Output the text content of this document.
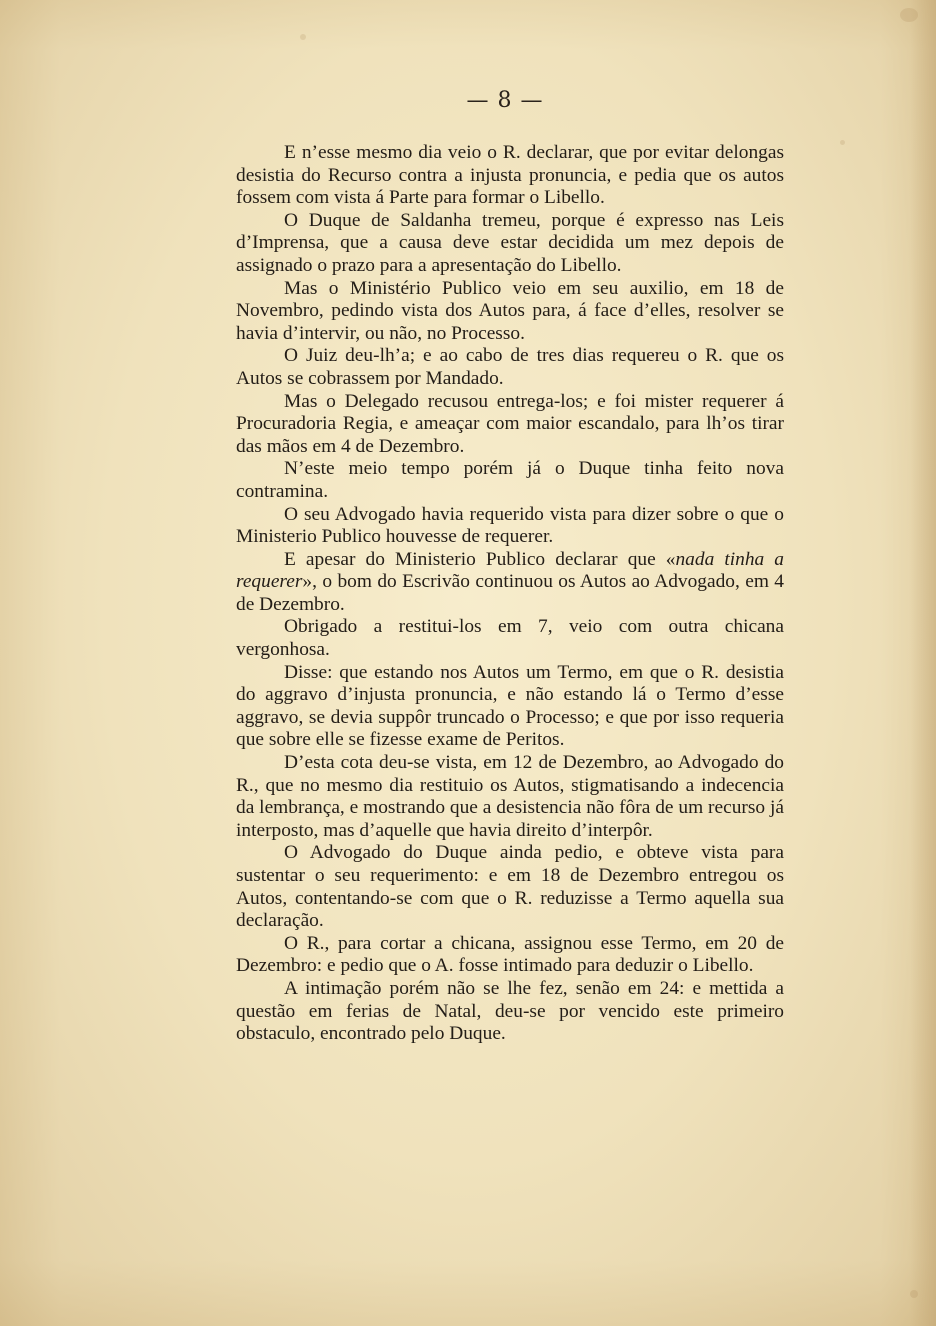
— 8 —

E n’esse mesmo dia veio o R. declarar, que por evitar delongas desistia do Recurso contra a injusta pronuncia, e pedia que os autos fossem com vista á Parte para formar o Libello.

O Duque de Saldanha tremeu, porque é expresso nas Leis d’Imprensa, que a causa deve estar decidida um mez depois de assignado o prazo para a apresentação do Libello.

Mas o Ministério Publico veio em seu auxilio, em 18 de Novembro, pedindo vista dos Autos para, á face d’elles, resolver se havia d’intervir, ou não, no Processo.

O Juiz deu-lh’a; e ao cabo de tres dias requereu o R. que os Autos se cobrassem por Mandado.

Mas o Delegado recusou entrega-los; e foi mister requerer á Procuradoria Regia, e ameaçar com maior escandalo, para lh’os tirar das mãos em 4 de Dezembro.

N’este meio tempo porém já o Duque tinha feito nova contramina.

O seu Advogado havia requerido vista para dizer sobre o que o Ministerio Publico houvesse de requerer.

E apesar do Ministerio Publico declarar que «nada tinha a requerer», o bom do Escrivão continuou os Autos ao Advogado, em 4 de Dezembro.

Obrigado a restitui-los em 7, veio com outra chicana vergonhosa.

Disse: que estando nos Autos um Termo, em que o R. desistia do aggravo d’injusta pronuncia, e não estando lá o Termo d’esse aggravo, se devia suppôr truncado o Processo; e que por isso requeria que sobre elle se fizesse exame de Peritos.

D’esta cota deu-se vista, em 12 de Dezembro, ao Advogado do R., que no mesmo dia restituio os Autos, stigmatisando a indecencia da lembrança, e mostrando que a desistencia não fôra de um recurso já interposto, mas d’aquelle que havia direito d’interpôr.

O Advogado do Duque ainda pedio, e obteve vista para sustentar o seu requerimento: e em 18 de Dezembro entregou os Autos, contentando-se com que o R. reduzisse a Termo aquella sua declaração.

O R., para cortar a chicana, assignou esse Termo, em 20 de Dezembro: e pedio que o A. fosse intimado para deduzir o Libello.

A intimação porém não se lhe fez, senão em 24: e mettida a questão em ferias de Natal, deu-se por vencido este primeiro obstaculo, encontrado pelo Duque.
